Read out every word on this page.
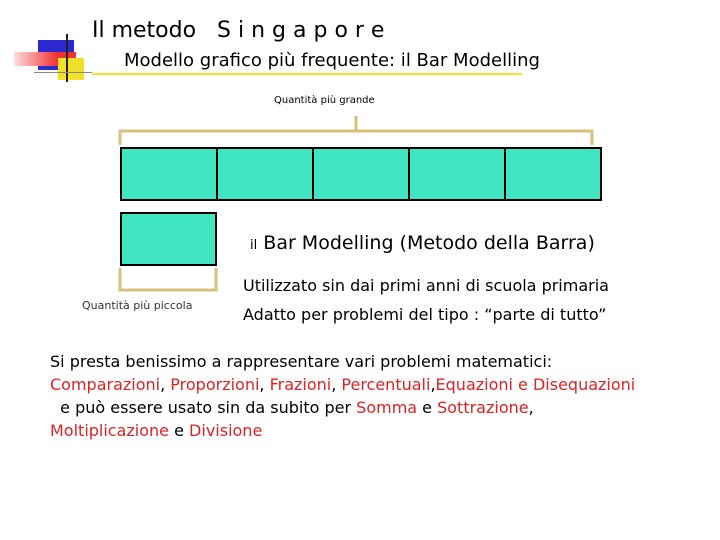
Il metodo   S i n g a p o r e
Modello grafico più frequente: il Bar Modelling
Quantità più grande
Quantità più piccola
il Bar Modelling (Metodo della Barra)
Utilizzato sin dai primi anni di scuola primaria
Adatto per problemi del tipo : “parte di tutto”
Si presta benissimo a rappresentare vari problemi matematici:
Comparazioni, Proporzioni, Frazioni, Percentuali,Equazioni e Disequazioni
e può essere usato sin da subito per Somma e Sottrazione,
Moltiplicazione e Divisione
